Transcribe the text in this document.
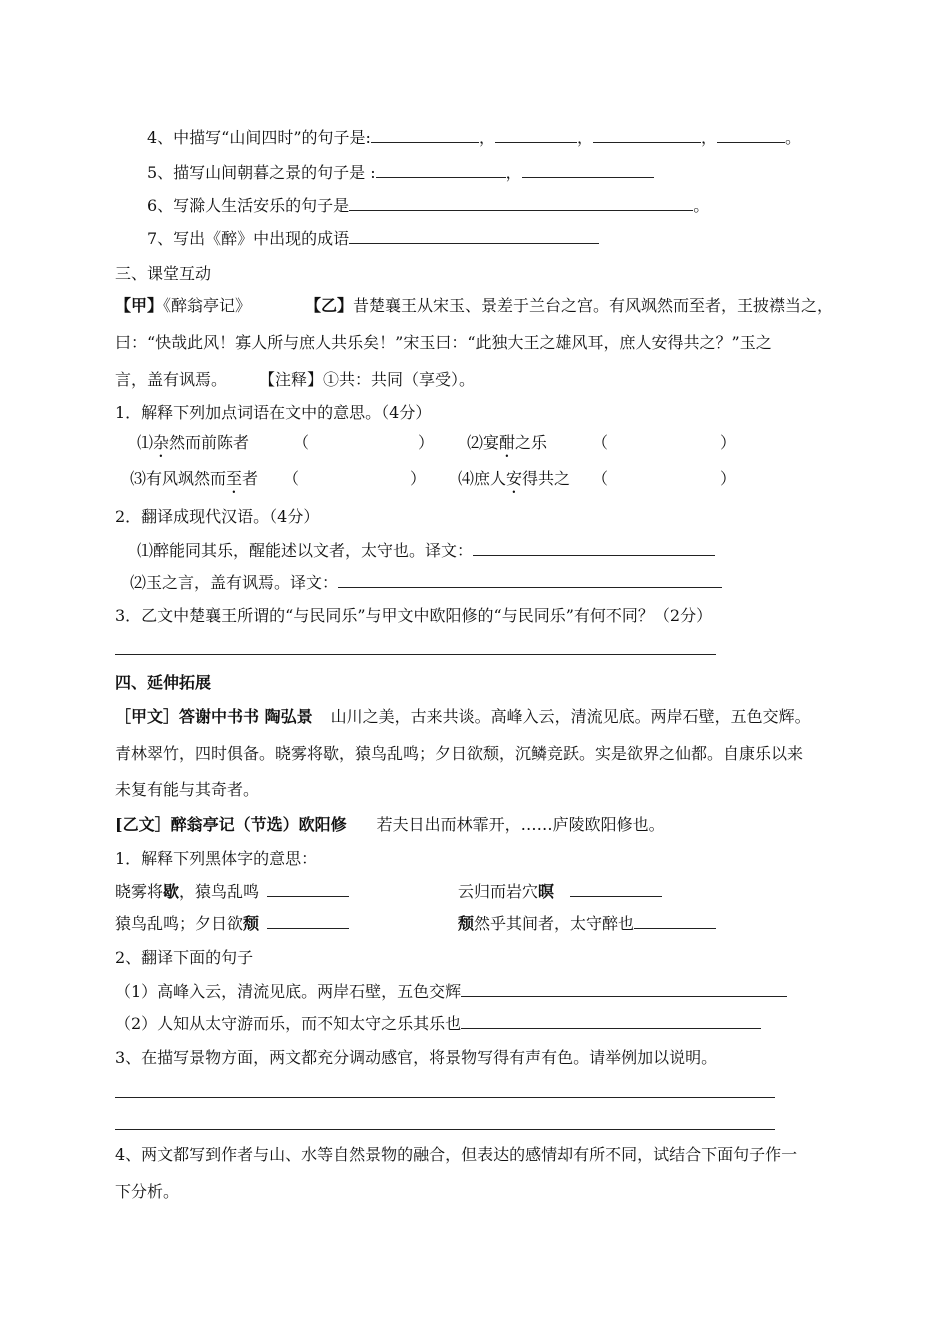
4、中描写“山间四时”的句子是:	，	，	，	。
5、描写山间朝暮之景的句子是 :	，
6、写滁人生活安乐的句子是	。
7、写出《醉》中出现的成语
三、课堂互动
【甲】《醉翁亭记》	【乙】昔楚襄王从宋玉、景差于兰台之宫。有风飒然而至者，王披襟当之，
曰：“快哉此风！寡人所与庶人共乐矣！”宋玉曰：“此独大王之雄风耳，庶人安得共之？”玉之
言，盖有讽焉。 【注释】①共：共同（享受）。
1．解释下列加点词语在文中的意思。（4分）
⑴杂然而前陈者	（	） ⑵宴酣之乐	（	）
⑶有风飒然而至者 （	） ⑷庶人安得共之 （	）
2．翻译成现代汉语。（4分）
⑴醉能同其乐，醒能述以文者，太守也。译文：
⑵玉之言，盖有讽焉。译文：
3．乙文中楚襄王所谓的“与民同乐”与甲文中欧阳修的“与民同乐”有何不同？（2分）
四、延伸拓展
［甲文］答谢中书书 陶弘景 山川之美，古来共谈。高峰入云，清流见底。两岸石壁，五色交辉。
青林翠竹，四时俱备。晓雾将歇，猿鸟乱鸣；夕日欲颓，沉鳞竞跃。实是欲界之仙都。自康乐以来
未复有能与其奇者。
[乙文］醉翁亭记（节选）欧阳修 若夫日出而林霏开，……庐陵欧阳修也。
1．解释下列黑体字的意思：
晓雾将歇，猿鸟乱鸣	云归而岩穴暝
猿鸟乱鸣；夕日欲颓	颓然乎其间者，太守醉也
2、翻译下面的句子
（1）高峰入云，清流见底。两岸石壁，五色交辉
（2）人知从太守游而乐，而不知太守之乐其乐也
3、在描写景物方面，两文都充分调动感官，将景物写得有声有色。请举例加以说明。
4、两文都写到作者与山、水等自然景物的融合，但表达的感情却有所不同，试结合下面句子作一
下分析。
